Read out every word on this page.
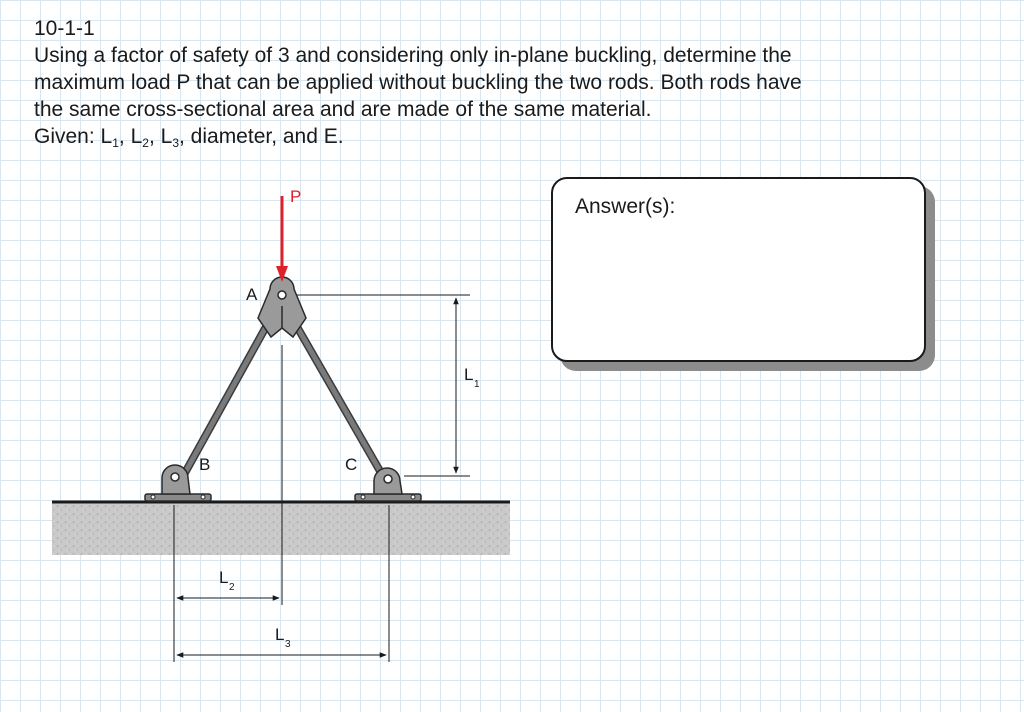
10-1-1

Using a factor of safety of 3 and considering only in-plane buckling, determine the

maximum load P that can be applied without buckling the two rods. Both rods have

the same cross-sectional area and are made of the same material.

Given: $L_1$, $L_2$, $L_3$, diameter, and E.

Answer(s):
P
A
B	C
L
1
L
2
L
3
